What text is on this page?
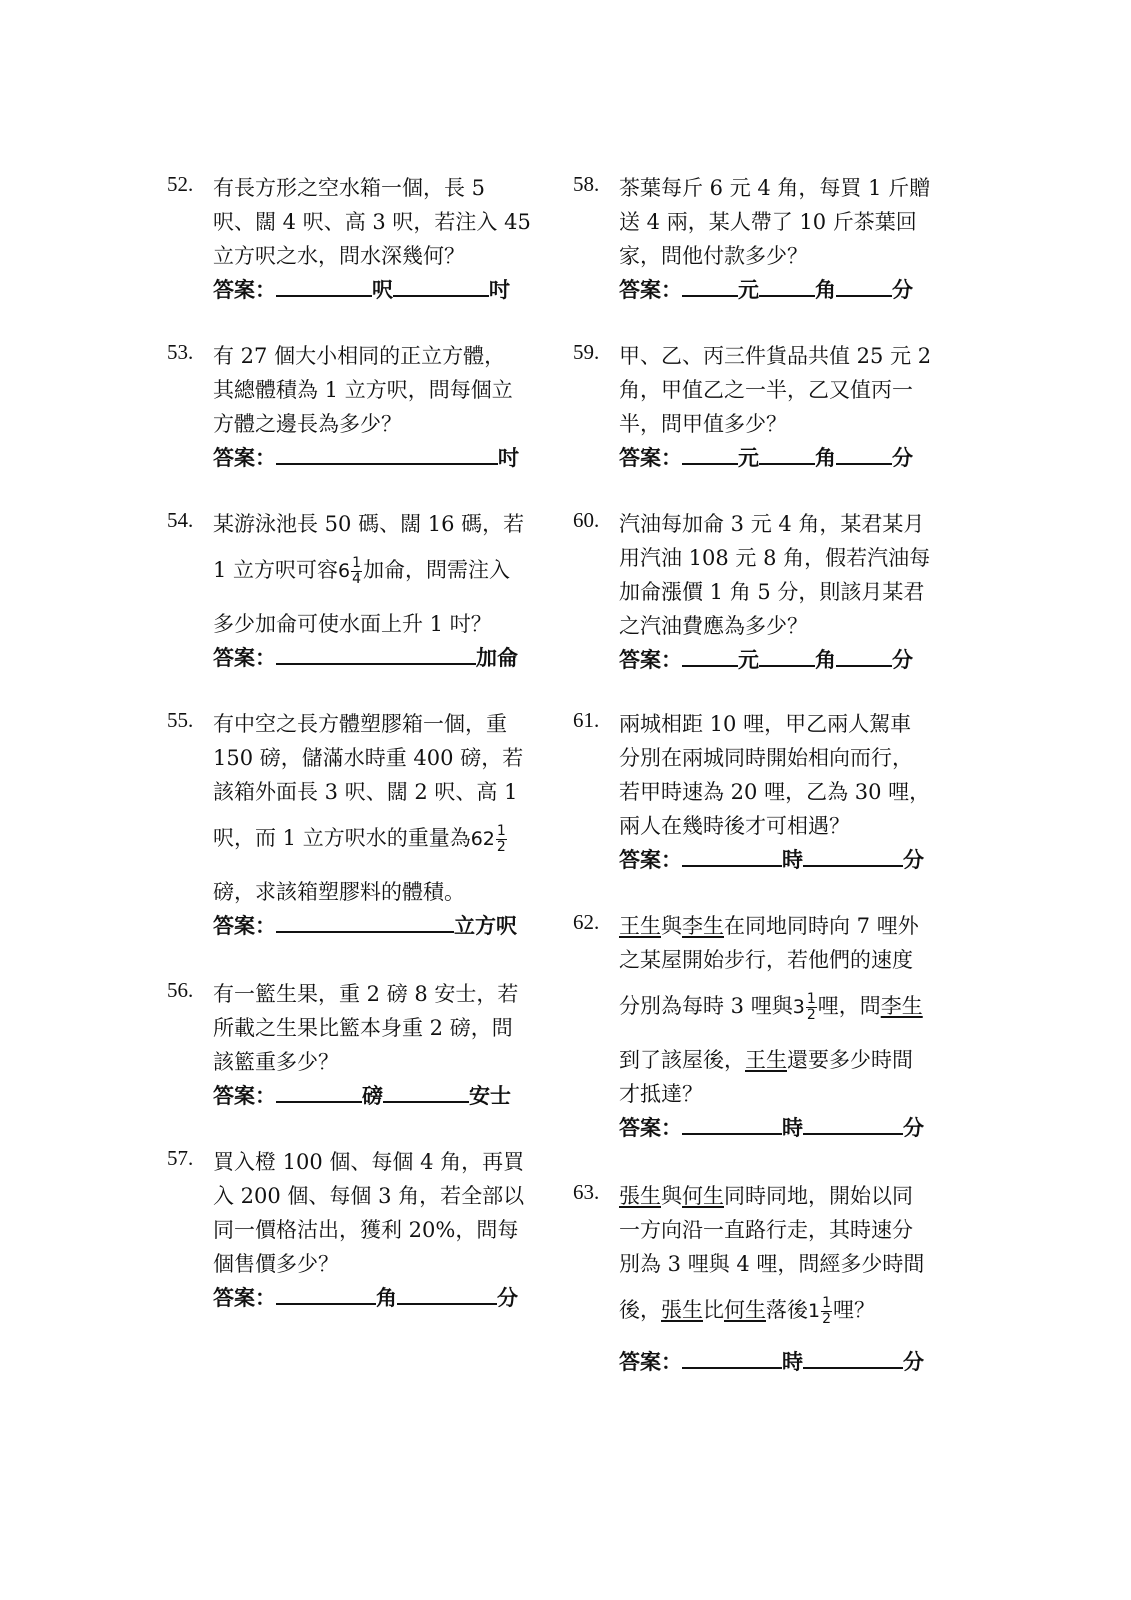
52. 有長方形之空水箱一個，長 5
呎、闊 4 呎、高 3 呎，若注入 45
立方呎之水，問水深幾何？
答案：	呎	吋
53. 有 27 個大小相同的正立方體，
其總體積為 1 立方呎，問每個立
方體之邊長為多少？
答案：	吋
54. 某游泳池長 50 碼、闊 16 碼，若
1 立方呎可容$6 \frac{1}{4}$ 加侖，問需注入
多少加侖可使水面上升 1 吋？
答案：	加侖
55. 有中空之長方體塑膠箱一個，重
150 磅，儲滿水時重 400 磅，若
該箱外面長 3 呎、闊 2 呎、高 1
呎，而 1 立方呎水的重量為$62 \frac{1}{2}$
磅，求該箱塑膠料的體積。
答案：	立方呎
56. 有一籃生果，重 2 磅 8 安士，若
所載之生果比籃本身重 2 磅，問
該籃重多少？
答案：	磅	安士
57. 買入橙 100 個、每個 4 角，再買
入 200 個、每個 3 角，若全部以
同一價格沽出，獲利 20%，問每
個售價多少？
答案：	角	分
58. 茶葉每斤 6 元 4 角，每買 1 斤贈
送 4 兩，某人帶了 10 斤茶葉回
家，問他付款多少？
答案：	元	角	分
59. 甲、乙、丙三件貨品共值 25 元 2
角，甲值乙之一半，乙又值丙一
半，問甲值多少？
答案：	元	角	分
60. 汽油每加侖 3 元 4 角，某君某月
用汽油 108 元 8 角，假若汽油每
加侖漲價 1 角 5 分，則該月某君
之汽油費應為多少？
答案：	元	角	分
61. 兩城相距 10 哩，甲乙兩人駕車
分別在兩城同時開始相向而行，
若甲時速為 20 哩，乙為 30 哩，
兩人在幾時後才可相遇？
答案：	時	分
62. 王生與李生在同地同時向 7 哩外
之某屋開始步行，若他們的速度
分別為每時 3 哩與$3 \frac{1}{2}$ 哩，問李生
到了該屋後，王生還要多少時間
才抵達？
答案：	時	分
63. 張生與何生同時同地，開始以同
一方向沿一直路行走，其時速分
別為 3 哩與 4 哩，問經多少時間
後，張生比何生落後$1 \frac{1}{2}$ 哩？
答案：	時	分
